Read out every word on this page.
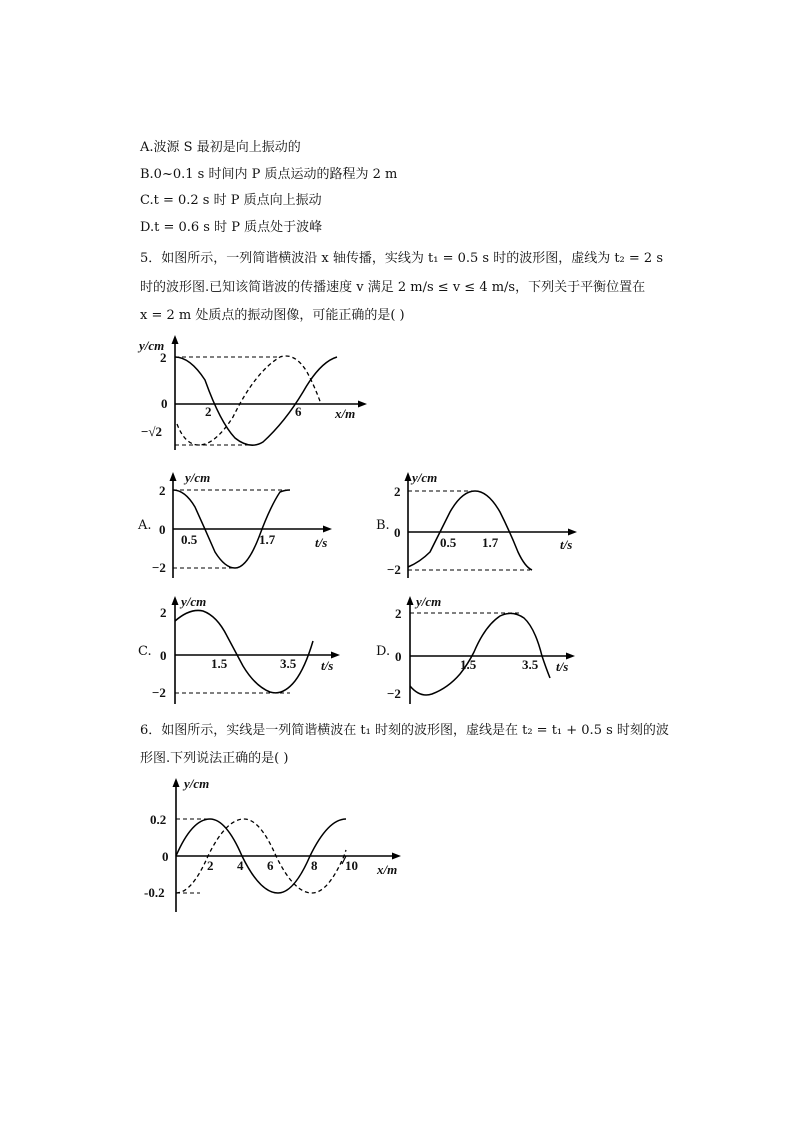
A.波源 S 最初是向上振动的
B.0~0.1 s 时间内 P 质点运动的路程为 2 m
C.t = 0.2 s 时 P 质点向上振动
D.t = 0.6 s 时 P 质点处于波峰
5．如图所示，一列简谐横波沿 x 轴传播，实线为 t₁ = 0.5 s 时的波形图，虚线为 t₂ = 2 s
时的波形图.已知该简谐波的传播速度 v 满足 2 m/s ≤ v ≤ 4 m/s，下列关于平衡位置在
x = 2 m 处质点的振动图像，可能正确的是( )
y/cm
x/m
2
0
−√2
2	6
A.
y/cm
t/s
2
0
−2
0.5	1.7
B.
y/cm
t/s
2
0
−2
0.5 1.7
C.
y/cm
t/s
2
0
−2
1.5	3.5
D.
y/cm
t/s
2
0
−2
1.5	3.5
6．如图所示，实线是一列简谐横波在 t₁ 时刻的波形图，虚线是在 t₂ = t₁ + 0.5 s 时刻的波
形图.下列说法正确的是( )
y/cm
x/m
0.2
0
-0.2
2 4 6	8 10
